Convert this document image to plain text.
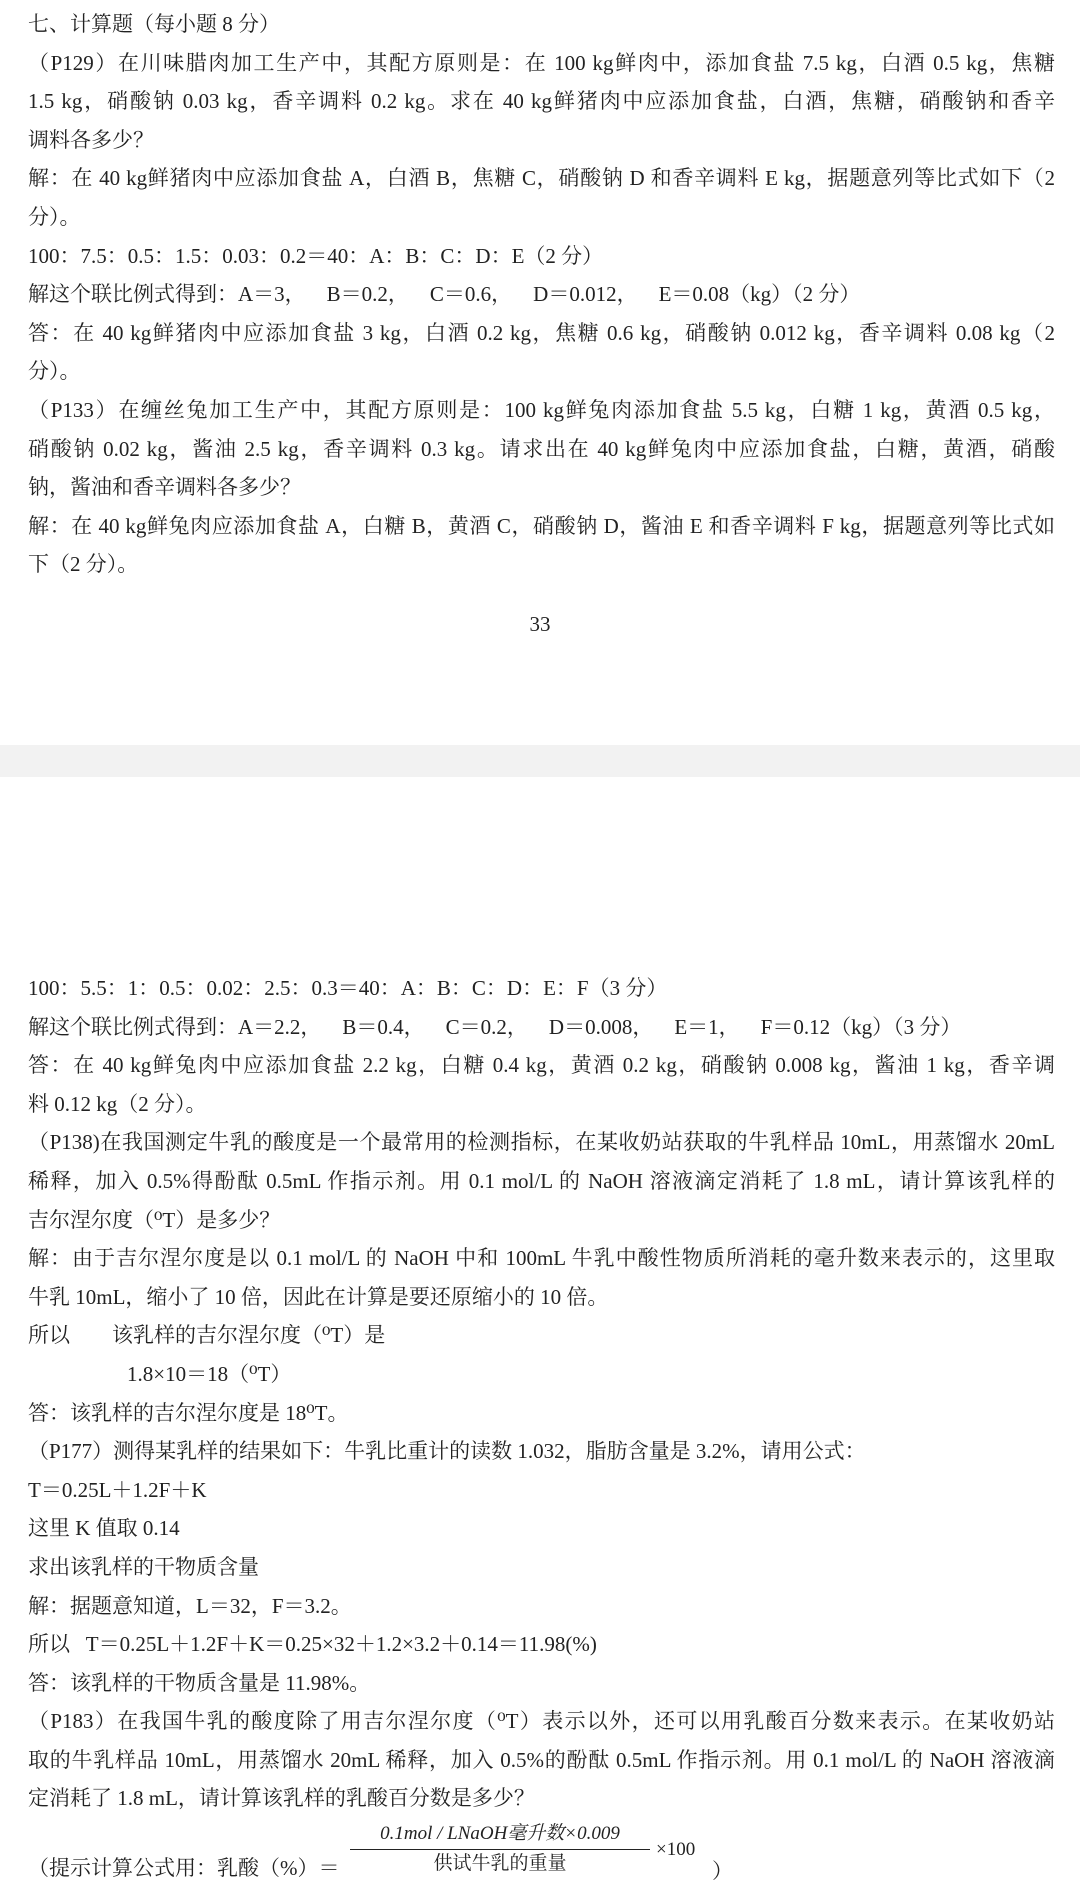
七、计算题（每小题 8 分）
（P129）在川味腊肉加工生产中，其配方原则是：在 100 kg鲜肉中，添加食盐 7.5 kg，白酒 0.5 kg，焦糖
1.5 kg，硝酸钠 0.03 kg，香辛调料 0.2 kg。求在 40 kg鲜猪肉中应添加食盐，白酒，焦糖，硝酸钠和香辛
调料各多少？
解：在 40 kg鲜猪肉中应添加食盐 A，白酒 B，焦糖 C，硝酸钠 D 和香辛调料 E kg，据题意列等比式如下（2
分）。
100：7.5：0.5：1.5：0.03：0.2＝40：A：B：C：D：E（2 分）
解这个联比例式得到：A＝3，    B＝0.2，    C＝0.6，    D＝0.012，    E＝0.08（kg）（2 分）
答：在 40 kg鲜猪肉中应添加食盐 3 kg，白酒 0.2 kg，焦糖 0.6 kg，硝酸钠 0.012 kg，香辛调料 0.08 kg（2
分）。
（P133）在缠丝兔加工生产中，其配方原则是：100 kg鲜兔肉添加食盐 5.5 kg，白糖 1 kg，黄酒 0.5 kg，
硝酸钠 0.02 kg，酱油 2.5 kg，香辛调料 0.3 kg。请求出在 40 kg鲜兔肉中应添加食盐，白糖，黄酒，硝酸
钠，酱油和香辛调料各多少？
解：在 40 kg鲜兔肉应添加食盐 A，白糖 B，黄酒 C，硝酸钠 D，酱油 E 和香辛调料 F kg，据题意列等比式如
下（2 分）。
33
100：5.5：1：0.5：0.02：2.5：0.3＝40：A：B：C：D：E：F（3 分）
解这个联比例式得到：A＝2.2，    B＝0.4，    C＝0.2，    D＝0.008，    E＝1，    F＝0.12（kg）（3 分）
答：在 40 kg鲜兔肉中应添加食盐 2.2 kg，白糖 0.4 kg，黄酒 0.2 kg，硝酸钠 0.008 kg，酱油 1 kg，香辛调
料 0.12 kg（2 分）。
（P138)在我国测定牛乳的酸度是一个最常用的检测指标，在某收奶站获取的牛乳样品 10mL，用蒸馏水 20mL
稀释，加入 0.5%得酚酞 0.5mL 作指示剂。用 0.1 mol/L 的 NaOH 溶液滴定消耗了 1.8 mL，请计算该乳样的
吉尔涅尔度（⁰T）是多少？
解：由于吉尔涅尔度是以 0.1 mol/L 的 NaOH 中和 100mL 牛乳中酸性物质所消耗的毫升数来表示的，这里取
牛乳 10mL，缩小了 10 倍，因此在计算是要还原缩小的 10 倍。
所以        该乳样的吉尔涅尔度（⁰T）是
1.8×10＝18（⁰T）
答：该乳样的吉尔涅尔度是 18⁰T。
（P177）测得某乳样的结果如下：牛乳比重计的读数 1.032，脂肪含量是 3.2%，请用公式：
T＝0.25L＋1.2F＋K
这里 K 值取 0.14
求出该乳样的干物质含量
解：据题意知道，L＝32，F＝3.2。
所以   T＝0.25L＋1.2F＋K＝0.25×32＋1.2×3.2＋0.14＝11.98(%)
答：该乳样的干物质含量是 11.98%。
（P183）在我国牛乳的酸度除了用吉尔涅尔度（⁰T）表示以外，还可以用乳酸百分数来表示。在某收奶站
取的牛乳样品 10mL，用蒸馏水 20mL 稀释，加入 0.5%的酚酞 0.5mL 作指示剂。用 0.1 mol/L 的 NaOH 溶液滴
定消耗了 1.8 mL，请计算该乳样的乳酸百分数是多少？
（提示计算公式用：乳酸（%）＝
0.1mol / LNaOH毫升数×0.009
供试牛乳的重量
×100
）
